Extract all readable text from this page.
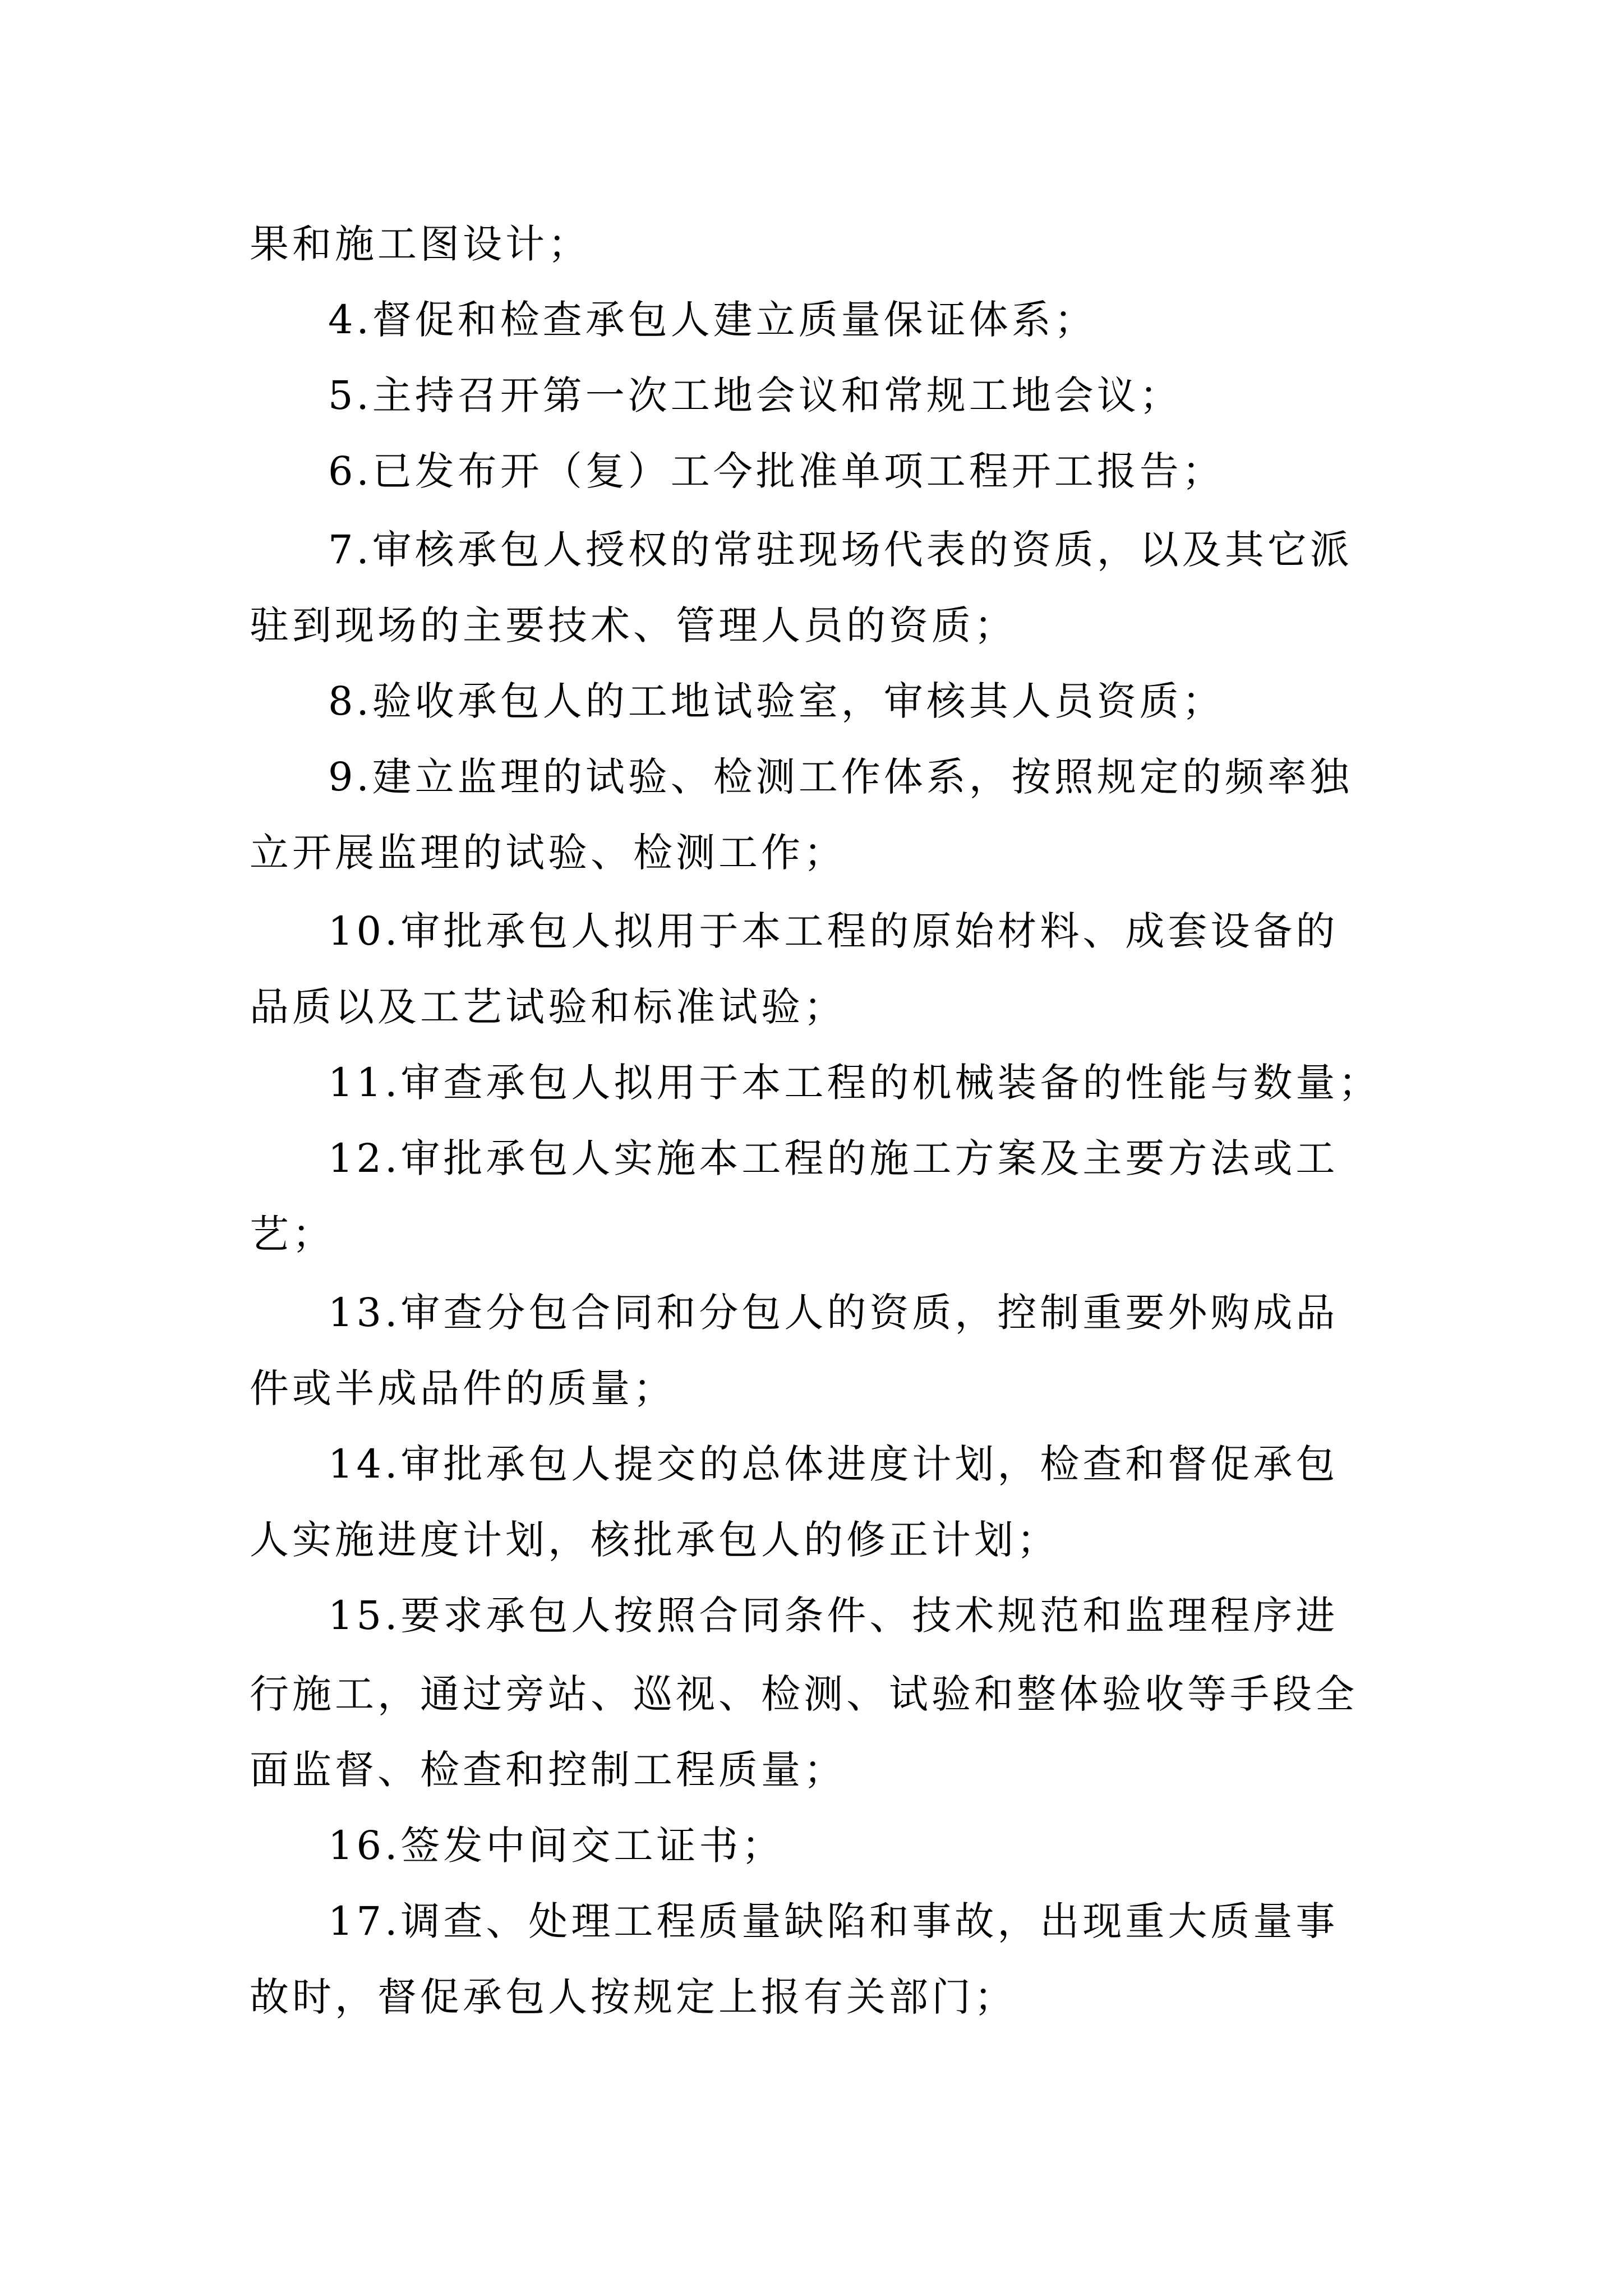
果和施工图设计；
4.督促和检查承包人建立质量保证体系；
5.主持召开第一次工地会议和常规工地会议；
6.已发布开（复）工今批准单项工程开工报告；
7.审核承包人授权的常驻现场代表的资质，以及其它派
驻到现场的主要技术、管理人员的资质；
8.验收承包人的工地试验室，审核其人员资质；
9.建立监理的试验、检测工作体系，按照规定的频率独
立开展监理的试验、检测工作；
10.审批承包人拟用于本工程的原始材料、成套设备的
品质以及工艺试验和标准试验；
11.审查承包人拟用于本工程的机械装备的性能与数量；
12.审批承包人实施本工程的施工方案及主要方法或工
艺；
13.审查分包合同和分包人的资质，控制重要外购成品
件或半成品件的质量；
14.审批承包人提交的总体进度计划，检查和督促承包
人实施进度计划，核批承包人的修正计划；
15.要求承包人按照合同条件、技术规范和监理程序进
行施工，通过旁站、巡视、检测、试验和整体验收等手段全
面监督、检查和控制工程质量；
16.签发中间交工证书；
17.调查、处理工程质量缺陷和事故，出现重大质量事
故时，督促承包人按规定上报有关部门；
